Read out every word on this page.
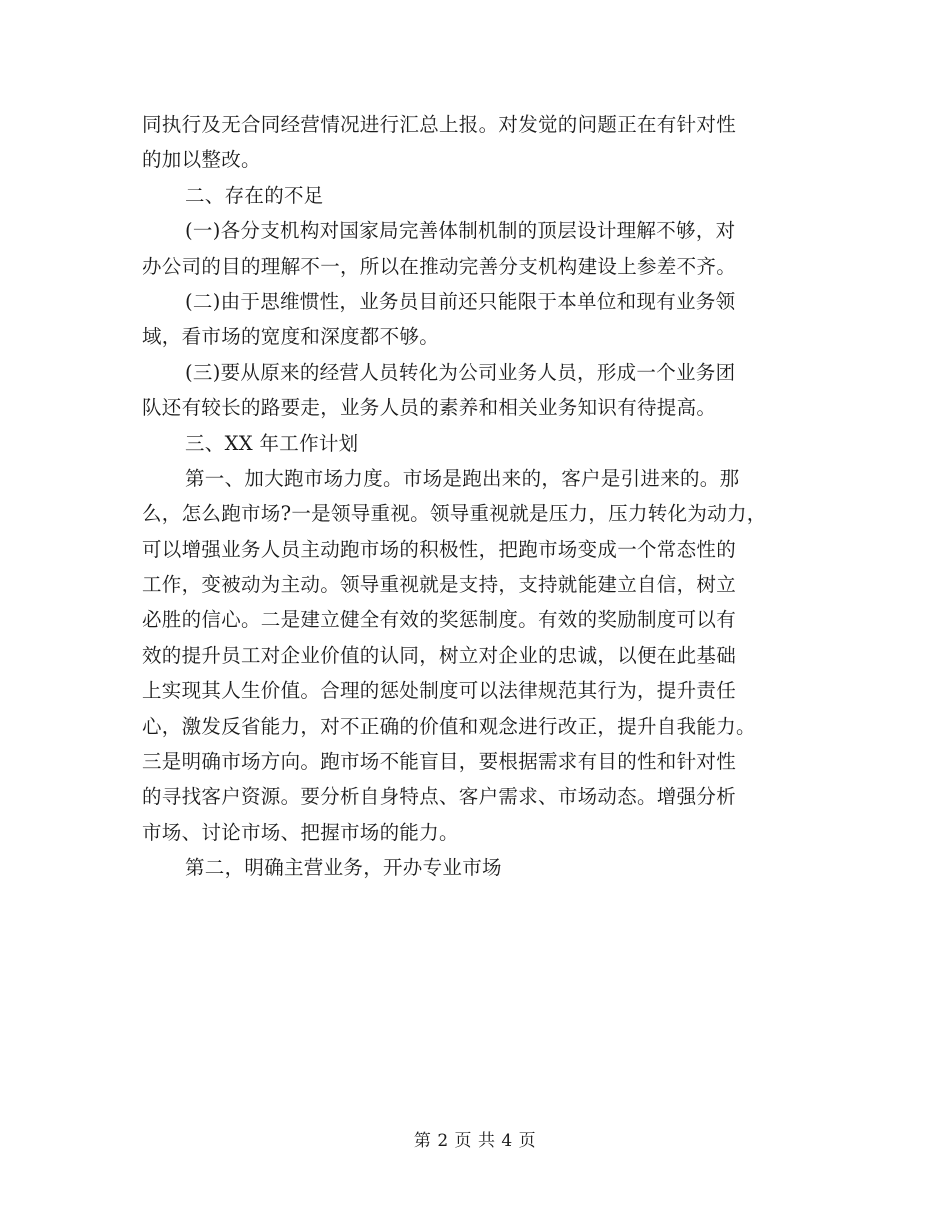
同执行及无合同经营情况进行汇总上报。对发觉的问题正在有针对性
的加以整改。
二、存在的不足
(一)各分支机构对国家局完善体制机制的顶层设计理解不够，对
办公司的目的理解不一，所以在推动完善分支机构建设上参差不齐。
(二)由于思维惯性，业务员目前还只能限于本单位和现有业务领
域，看市场的宽度和深度都不够。
(三)要从原来的经营人员转化为公司业务人员，形成一个业务团
队还有较长的路要走，业务人员的素养和相关业务知识有待提高。
三、XX 年工作计划
第一、加大跑市场力度。市场是跑出来的，客户是引进来的。那
么，怎么跑市场?一是领导重视。领导重视就是压力，压力转化为动力，
可以增强业务人员主动跑市场的积极性，把跑市场变成一个常态性的
工作，变被动为主动。领导重视就是支持，支持就能建立自信，树立
必胜的信心。二是建立健全有效的奖惩制度。有效的奖励制度可以有
效的提升员工对企业价值的认同，树立对企业的忠诚，以便在此基础
上实现其人生价值。合理的惩处制度可以法律规范其行为，提升责任
心，激发反省能力，对不正确的价值和观念进行改正，提升自我能力。
三是明确市场方向。跑市场不能盲目，要根据需求有目的性和针对性
的寻找客户资源。要分析自身特点、客户需求、市场动态。增强分析
市场、讨论市场、把握市场的能力。
第二，明确主营业务，开办专业市场
第 2 页 共 4 页
